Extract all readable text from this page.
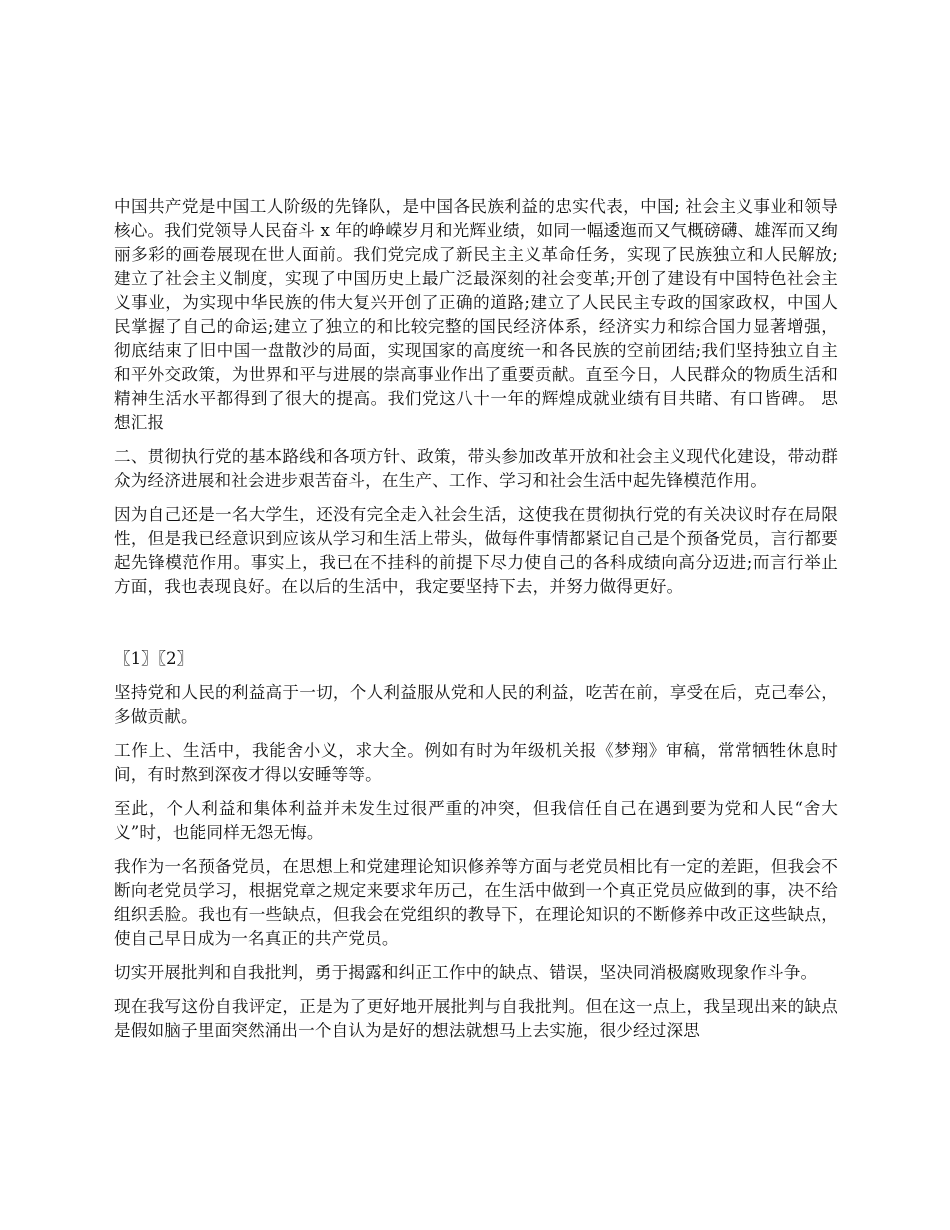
中国共产党是中国工人阶级的先锋队，是中国各民族利益的忠实代表，中国; 社会主义事业和领导核心。我们党领导人民奋斗 x 年的峥嵘岁月和光辉业绩，如同一幅逶迤而又气概磅礴、雄浑而又绚丽多彩的画卷展现在世人面前。我们党完成了新民主主义革命任务，实现了民族独立和人民解放;建立了社会主义制度，实现了中国历史上最广泛最深刻的社会变革;开创了建设有中国特色社会主义事业，为实现中华民族的伟大复兴开创了正确的道路;建立了人民民主专政的国家政权，中国人民掌握了自己的命运;建立了独立的和比较完整的国民经济体系，经济实力和综合国力显著增强，彻底结束了旧中国一盘散沙的局面，实现国家的高度统一和各民族的空前团结;我们坚持独立自主和平外交政策，为世界和平与进展的崇高事业作出了重要贡献。直至今日，人民群众的物质生活和精神生活水平都得到了很大的提高。我们党这八十一年的辉煌成就业绩有目共睹、有口皆碑。 思想汇报

二、贯彻执行党的基本路线和各项方针、政策，带头参加改革开放和社会主义现代化建设，带动群众为经济进展和社会进步艰苦奋斗，在生产、工作、学习和社会生活中起先锋模范作用。

因为自己还是一名大学生，还没有完全走入社会生活，这使我在贯彻执行党的有关决议时存在局限性，但是我已经意识到应该从学习和生活上带头，做每件事情都紧记自己是个预备党员，言行都要起先锋模范作用。事实上，我已在不挂科的前提下尽力使自己的各科成绩向高分迈进;而言行举止方面，我也表现良好。在以后的生活中，我定要坚持下去，并努力做得更好。

〖1〗〖2〗

坚持党和人民的利益高于一切，个人利益服从党和人民的利益，吃苦在前，享受在后，克己奉公，多做贡献。

工作上、生活中，我能舍小义，求大全。例如有时为年级机关报《梦翔》审稿，常常牺牲休息时间，有时熬到深夜才得以安睡等等。

至此，个人利益和集体利益并未发生过很严重的冲突，但我信任自己在遇到要为党和人民“舍大义”时，也能同样无怨无悔。

我作为一名预备党员，在思想上和党建理论知识修养等方面与老党员相比有一定的差距，但我会不断向老党员学习，根据党章之规定来要求年历己，在生活中做到一个真正党员应做到的事，决不给组织丢脸。我也有一些缺点，但我会在党组织的教导下，在理论知识的不断修养中改正这些缺点，使自己早日成为一名真正的共产党员。

切实开展批判和自我批判，勇于揭露和纠正工作中的缺点、错误，坚决同消极腐败现象作斗争。

现在我写这份自我评定，正是为了更好地开展批判与自我批判。但在这一点上，我呈现出来的缺点是假如脑子里面突然涌出一个自认为是好的想法就想马上去实施，很少经过深思
